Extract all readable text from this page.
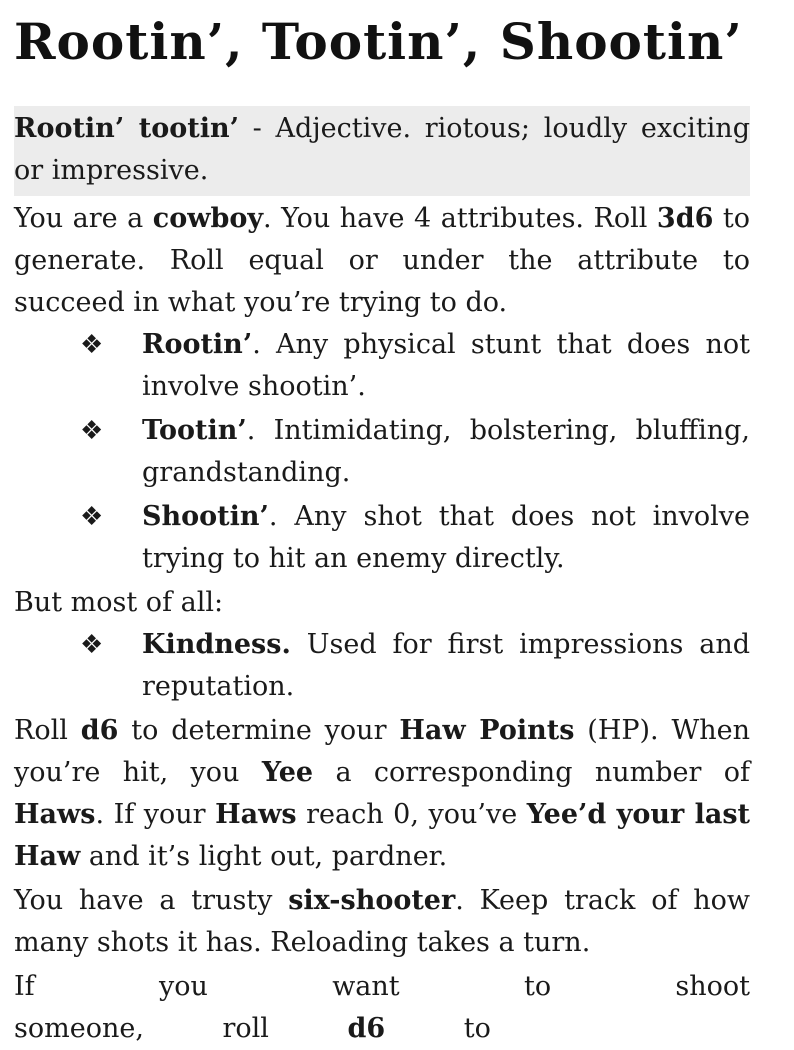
Rootin’, Tootin’, Shootin’
Rootin’ tootin’ - Adjective. riotous; loudly exciting or impressive.

You are a cowboy. You have 4 attributes. Roll 3d6 to generate. Roll equal or under the attribute to succeed in what you’re trying to do.

❖ Rootin’. Any physical stunt that does not involve shootin’.
❖ Tootin’. Intimidating, bolstering, bluffing, grandstanding.
❖ Shootin’. Any shot that does not involve trying to hit an enemy directly.

But most of all:

❖ Kindness. Used for first impressions and reputation.

Roll d6 to determine your Haw Points (HP). When you’re hit, you Yee a corresponding number of Haws. If your Haws reach 0, you’ve Yee’d your last Haw and it’s light out, pardner.

You have a trusty six-shooter. Keep track of how many shots it has. Reloading takes a turn.

If you want to shoot someone, roll d6 to
